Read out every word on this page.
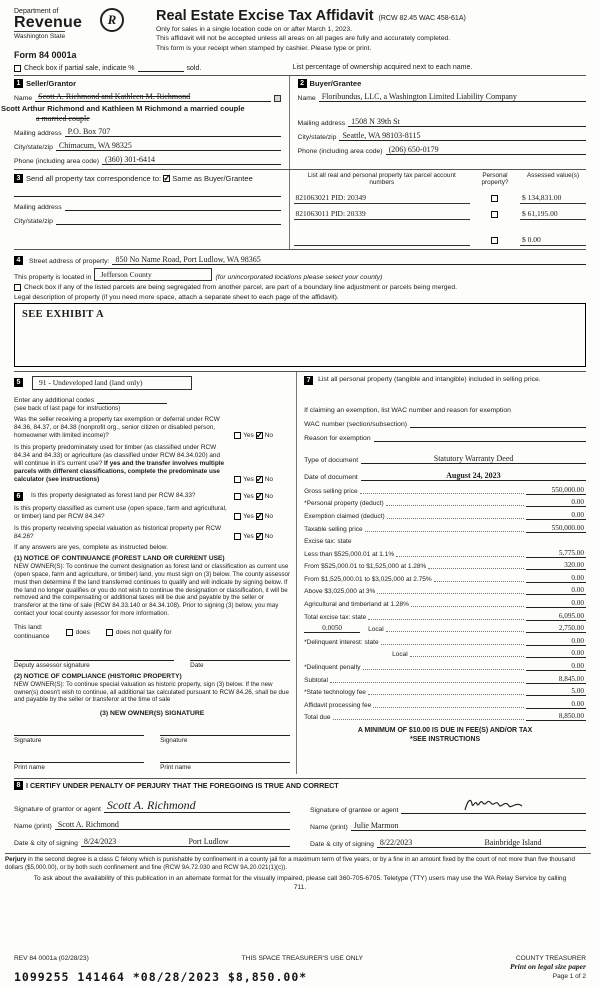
Department of
Revenue
Washington State
R
Form 84 0001a
Real Estate Excise Tax Affidavit (RCW 82.45 WAC 458-61A)
Only for sales in a single location code on or after March 1, 2023.
This affidavit will not be accepted unless all areas on all pages are fully and accurately completed.
This form is your receipt when stamped by cashier. Please type or print.
Check box if partial sale, indicate %	sold.	List percentage of ownership acquired next to each name.
1 Seller/Grantor
Name Scott A. Richmond and Kathleen M. Richmond
Scott Arthur Richmond and Kathleen M Richmond a married couple
a married couple
Mailing address P.O. Box 707
City/state/zip Chimacum, WA 98325
Phone (including area code) (360) 301-6414
2 Buyer/Grantee
Name Floribundus, LLC, a Washington Limited Liability Company
Mailing address 1508 N 39th St
City/state/zip Seattle, WA 98103-8115
Phone (including area code) (206) 650-0179
3 Send all property tax correspondence to:
✓
Same as Buyer/Grantee
Mailing address
City/state/zip
List all real and personal property tax parcel account numbers
Personal property?
Assessed value(s)
821063021 PID: 20349	$ 134,831.00
821063011 PID: 20339	$ 61,195.00
$ 0.00
4	Street address of property: 850 No Name Road, Port Ludlow, WA 98365
This property is located in	Jefferson County	(for unincorporated locations please select your county)
Check box if any of the listed parcels are being segregated from another parcel, are part of a boundary line adjustment or parcels being merged.
Legal description of property (if you need more space, attach a separate sheet to each page of the affidavit).
SEE EXHIBIT A
5	91 - Undeveloped land (land only)
Enter any additional codes
(see back of last page for instructions)
Was the seller receiving a property tax exemption or deferral under RCW 84.36, 84.37, or 84.38 (nonprofit org., senior citizen or disabled person, homeowner with limited income)?	Yes ✓ No
Is this property predominately used for timber (as classified under RCW 84.34 and 84.33) or agriculture (as classified under RCW 84.34.020) and will continue in it's current use? If yes and the transfer involves multiple parcels with different classifications, complete the predominate use calculator (see instructions)	Yes ✓ No
6	Is this property designated as forest land per RCW 84.33?	Yes ✓ No
Is this property classified as current use (open space, farm and agricultural, or timber) land per RCW 84.34?	Yes ✓ No
Is this property receiving special valuation as historical property per RCW 84.26?	Yes ✓ No
If any answers are yes, complete as instructed below.
(1) NOTICE OF CONTINUANCE (FOREST LAND OR CURRENT USE)
NEW OWNER(S): To continue the current designation as forest land or classification as current use (open space, farm and agriculture, or timber) land, you must sign on (3) below. The county assessor must then determine if the land transferred continues to qualify and will indicate by signing below. If the land no longer qualifies or you do not wish to continue the designation or classification, it will be removed and the compensating or additional taxes will be due and payable by the seller or transferor at the time of sale (RCW 84.33.140 or 84.34.108). Prior to signing (3) below, you may contact your local county assessor for more information.
This land:
continuance
does	does not qualify for
Deputy assessor signature	Date
(2) NOTICE OF COMPLIANCE (HISTORIC PROPERTY)
NEW OWNER(S): To continue special valuation as historic property, sign (3) below. If the new owner(s) doesn't wish to continue, all additional tax calculated pursuant to RCW 84.26, shall be due and payable by the seller or transferor at the time of sale
(3) NEW OWNER(S) SIGNATURE
Signature	Signature
Print name	Print name
7	List all personal property (tangible and intangible) included in selling price.
If claiming an exemption, list WAC number and reason for exemption
WAC number (section/subsection)
Reason for exemption
Type of document	Statutory Warranty Deed
Date of document	August 24, 2023
Gross selling price	550,000.00
*Personal property (deduct)	0.00
Exemption claimed (deduct)	0.00
Taxable selling price	550,000.00
Excise tax: state
Less than $525,000.01 at 1.1%	5,775.00
From $525,000.01 to $1,525,000 at 1.28%	320.00
From $1,525,000.01 to $3,025,000 at 2.75%	0.00
Above $3,025,000 at 3%	0.00
Agricultural and timberland at 1.28%	0.00
Total excise tax: state	6,095.00
0.0050	Local	2,750.00
*Delinquent interest: state	0.00
Local	0.00
*Delinquent penalty	0.00
Subtotal	8,845.00
*State technology fee	5.00
Affidavit processing fee	0.00
Total due	8,850.00
A MINIMUM OF $10.00 IS DUE IN FEE(S) AND/OR TAX
*SEE INSTRUCTIONS
8 I CERTIFY UNDER PENALTY OF PERJURY THAT THE FOREGOING IS TRUE AND CORRECT
Signature of grantor or agent Scott A. Richmond
Name (print) Scott A. Richmond
Date & city of signing 8/24/2023	Port Ludlow
Signature of grantee or agent
Name (print) Julie Marmon
Date & city of signing 8/22/2023	Bainbridge Island
Perjury in the second degree is a class C felony which is punishable by confinement in a county jail for a maximum term of five years, or by a fine in an amount fixed by the court of not more than five thousand dollars ($5,000.00), or by both such confinement and fine (RCW 9A.72.030 and RCW 9A.20.021(1)(c)).
To ask about the availability of this publication in an alternate format for the visually impaired, please call 360-705-6705. Teletype (TTY) users may use the WA Relay Service by calling 711.
REV 84 0001a (02/28/23)	THIS SPACE TREASURER'S USE ONLY	COUNTY TREASURER
1099255 141464 *08/28/2023 $8,850.00*
Print on legal size paper
Page 1 of 2
